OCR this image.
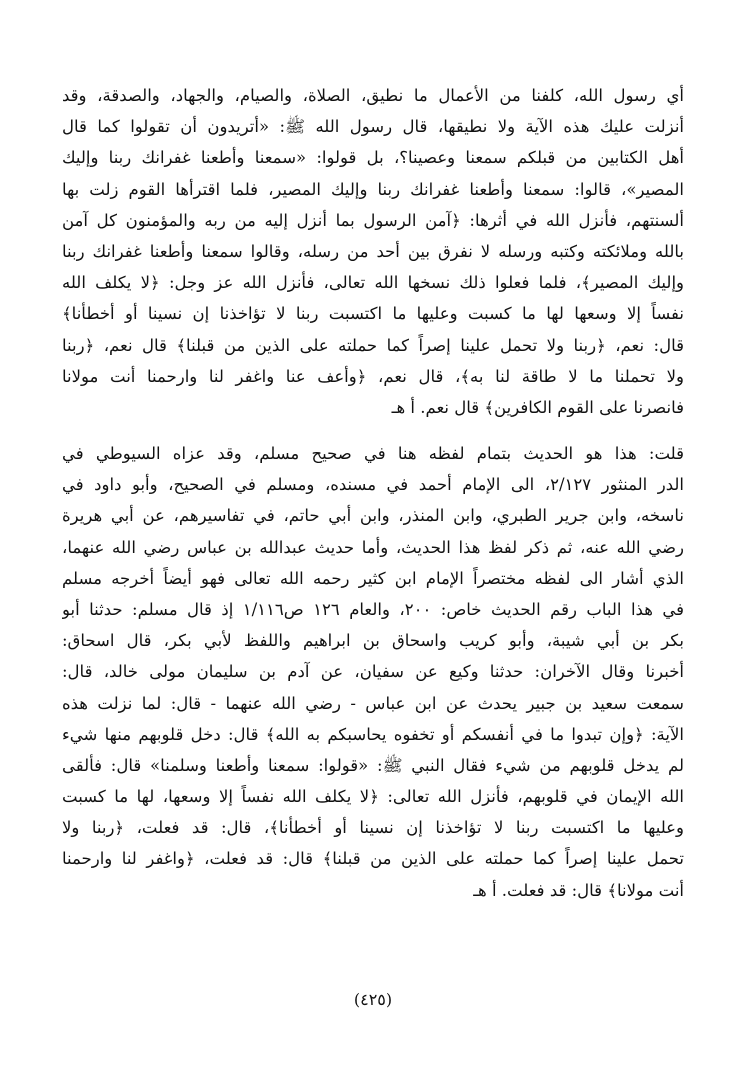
أي رسول الله، كلفنا من الأعمال ما نطيق، الصلاة، والصيام، والجهاد، والصدقة، وقد
أنزلت عليك هذه الآية ولا نطيقها، قال رسول الله ﷺ: «أتريدون أن تقولوا كما قال
أهل الكتابين من قبلكم سمعنا وعصينا؟، بل قولوا: «سمعنا وأطعنا غفرانك ربنا وإليك
المصير»، قالوا: سمعنا وأطعنا غفرانك ربنا وإليك المصير، فلما اقترأها القوم زلت بها
ألسنتهم، فأنزل الله في أثرها: ﴿آمن الرسول بما أنزل إليه من ربه والمؤمنون كل آمن
بالله وملائكته وكتبه ورسله لا نفرق بين أحد من رسله، وقالوا سمعنا وأطعنا غفرانك ربنا
وإليك المصير﴾، فلما فعلوا ذلك نسخها الله تعالى، فأنزل الله عز وجل: ﴿لا يكلف الله
نفساً إلا وسعها لها ما كسبت وعليها ما اكتسبت ربنا لا تؤاخذنا إن نسينا أو أخطأنا﴾
قال: نعم، ﴿ربنا ولا تحمل علينا إصراً كما حملته على الذين من قبلنا﴾ قال نعم، ﴿ربنا
ولا تحملنا ما لا طاقة لنا به﴾، قال نعم، ﴿وأعف عنا واغفر لنا وارحمنا أنت مولانا
فانصرنا على القوم الكافرين﴾ قال نعم. أ هـ
قلت: هذا هو الحديث بتمام لفظه هنا في صحيح مسلم، وقد عزاه السيوطي في
الدر المنثور ٢/١٢٧، الى الإمام أحمد في مسنده، ومسلم في الصحيح، وأبو داود في
ناسخه، وابن جرير الطبري، وابن المنذر، وابن أبي حاتم، في تفاسيرهم، عن أبي هريرة
رضي الله عنه، ثم ذكر لفظ هذا الحديث، وأما حديث عبدالله بن عباس رضي الله عنهما،
الذي أشار الى لفظه مختصراً الإمام ابن كثير رحمه الله تعالى فهو أيضاً أخرجه مسلم
في هذا الباب رقم الحديث خاص: ٢٠٠، والعام ١٢٦ ص١/١١٦ إذ قال مسلم: حدثنا أبو
بكر بن أبي شيبة، وأبو كريب واسحاق بن ابراهيم واللفظ لأبي بكر، قال اسحاق:
أخبرنا وقال الآخران: حدثنا وكيع عن سفيان، عن آدم بن سليمان مولى خالد، قال:
سمعت سعيد بن جبير يحدث عن ابن عباس - رضي الله عنهما - قال: لما نزلت هذه
الآية: ﴿وإن تبدوا ما في أنفسكم أو تخفوه يحاسبكم به الله﴾ قال: دخل قلوبهم منها شيء
لم يدخل قلوبهم من شيء فقال النبي ﷺ: «قولوا: سمعنا وأطعنا وسلمنا» قال: فألقى
الله الإيمان في قلوبهم، فأنزل الله تعالى: ﴿لا يكلف الله نفساً إلا وسعها، لها ما كسبت
وعليها ما اكتسبت ربنا لا تؤاخذنا إن نسينا أو أخطأنا﴾، قال: قد فعلت، ﴿ربنا ولا
تحمل علينا إصراً كما حملته على الذين من قبلنا﴾ قال: قد فعلت، ﴿واغفر لنا وارحمنا
أنت مولانا﴾ قال: قد فعلت. أ هـ
(٤٢٥)
